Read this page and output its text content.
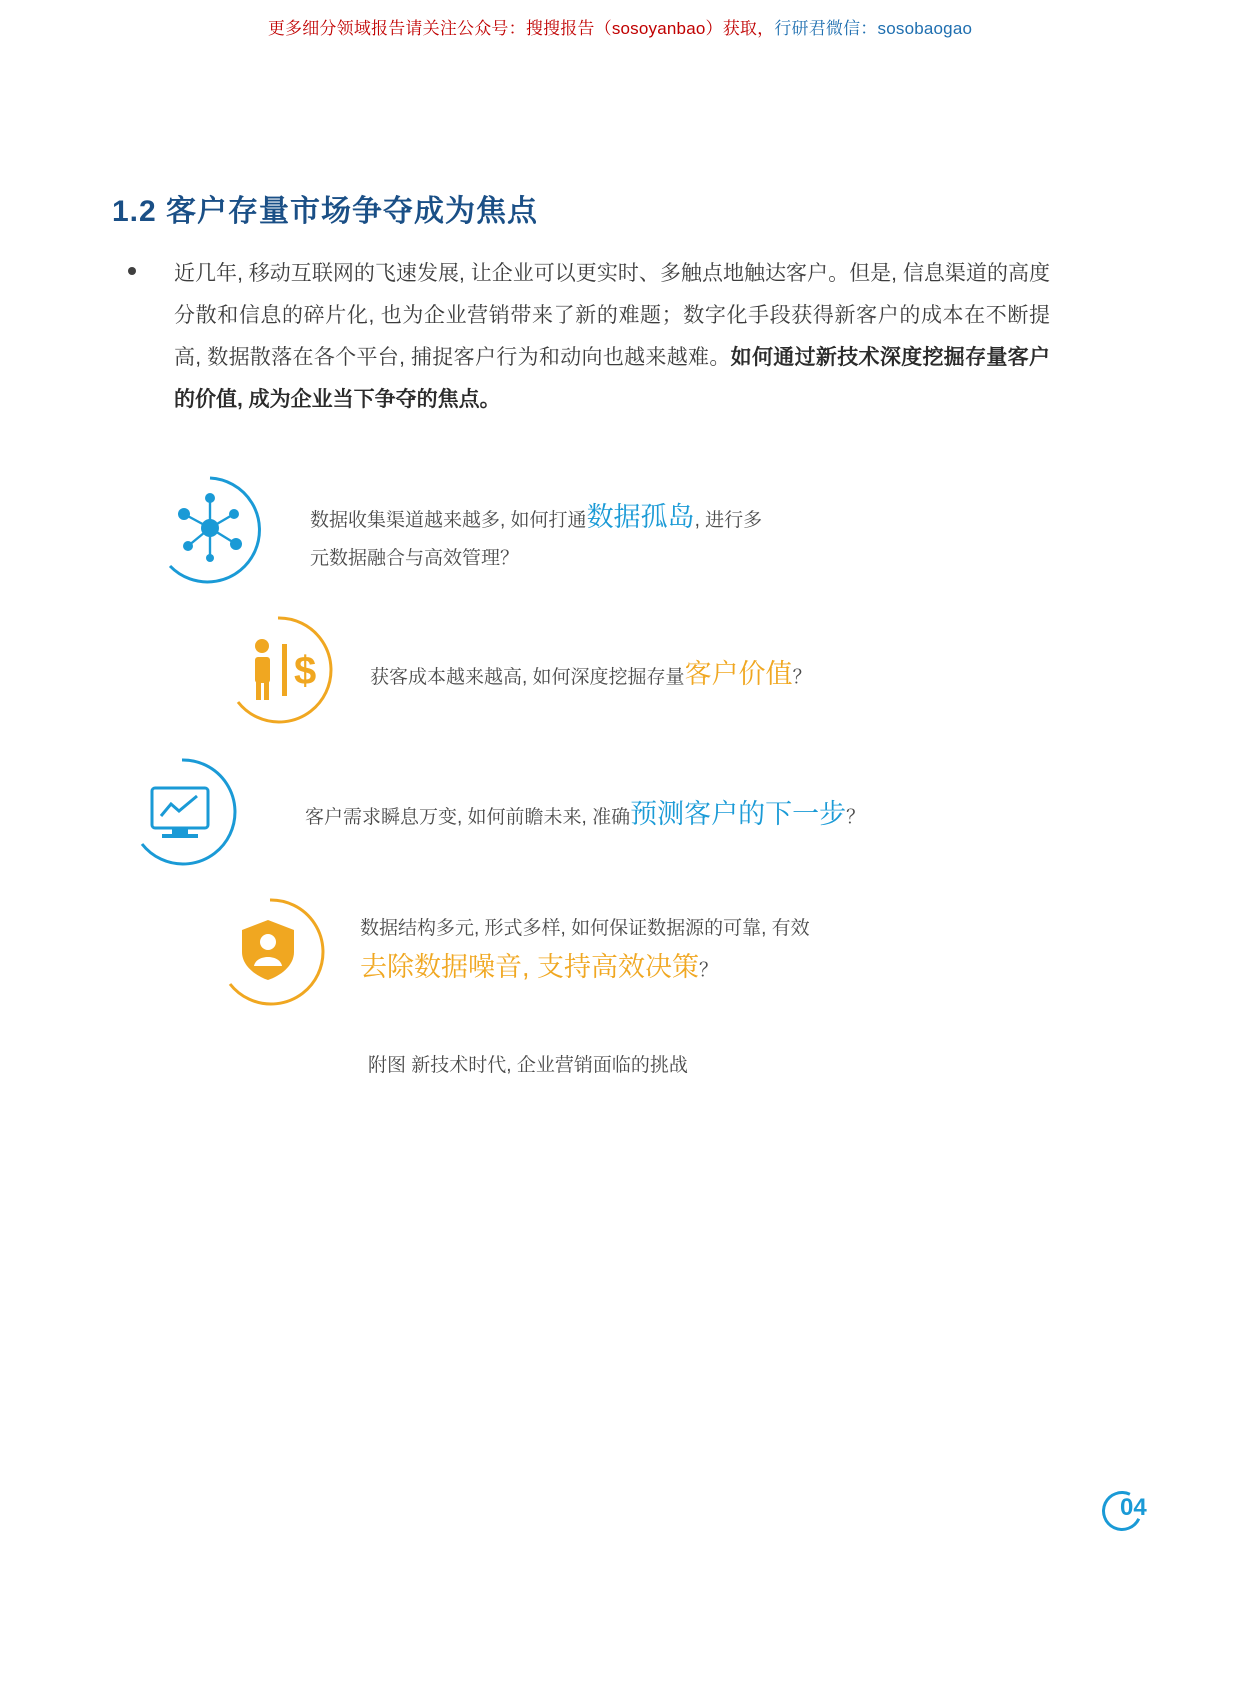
更多细分领域报告请关注公众号：搜搜报告（sosoyanbao）获取，行研君微信：sosobaogao
1.2 客户存量市场争夺成为焦点
近几年, 移动互联网的飞速发展, 让企业可以更实时、多触点地触达客户。但是, 信息渠道的高度分散和信息的碎片化, 也为企业营销带来了新的难题；数字化手段获得新客户的成本在不断提高, 数据散落在各个平台, 捕捉客户行为和动向也越来越难。如何通过新技术深度挖掘存量客户的价值, 成为企业当下争夺的焦点。
数据收集渠道越来越多, 如何打通数据孤岛, 进行多元数据融合与高效管理？
$	获客成本越来越高, 如何深度挖掘存量客户价值？
客户需求瞬息万变, 如何前瞻未来, 准确预测客户的下一步？
数据结构多元, 形式多样, 如何保证数据源的可靠, 有效去除数据噪音, 支持高效决策？
附图 新技术时代, 企业营销面临的挑战
04
